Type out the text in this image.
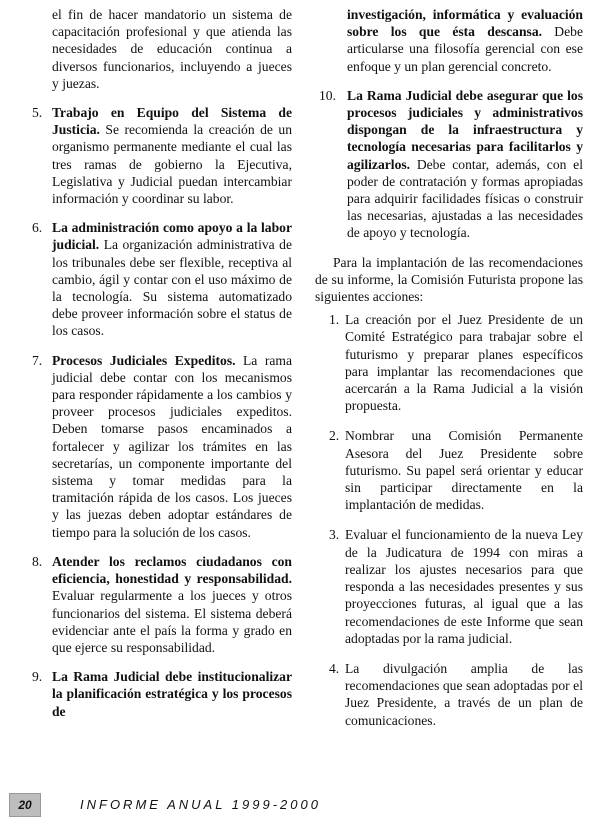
el fin de hacer mandatorio un sistema de capacitación profesional y que atienda las necesidades de educación continua a diversos funcionarios, incluyendo a jueces y juezas.

5. Trabajo en Equipo del Sistema de Justicia. Se recomienda la creación de un organismo permanente mediante el cual las tres ramas de gobierno la Ejecutiva, Legislativa y Judicial puedan intercambiar información y coordinar su labor.
6. La administración como apoyo a la labor judicial. La organización administrativa de los tribunales debe ser flexible, receptiva al cambio, ágil y contar con el uso máximo de la tecnología. Su sistema automatizado debe proveer información sobre el status de los casos.
7. Procesos Judiciales Expeditos. La rama judicial debe contar con los mecanismos para responder rápidamente a los cambios y proveer procesos judiciales expeditos. Deben tomarse pasos encaminados a fortalecer y agilizar los trámites en las secretarías, un componente importante del sistema y tomar medidas para la tramitación rápida de los casos. Los jueces y las juezas deben adoptar estándares de tiempo para la solución de los casos.
8. Atender los reclamos ciudadanos con eficiencia, honestidad y responsabilidad. Evaluar regularmente a los jueces y otros funcionarios del sistema. El sistema deberá evidenciar ante el país la forma y grado en que ejerce su responsabilidad.
9. La Rama Judicial debe institucionalizar la planificación estratégica y los procesos de

investigación, informática y evaluación sobre los que ésta descansa. Debe articularse una filosofía gerencial con ese enfoque y un plan gerencial concreto.

10. La Rama Judicial debe asegurar que los procesos judiciales y administrativos dispongan de la infraestructura y tecnología necesarias para facilitarlos y agilizarlos. Debe contar, además, con el poder de contratación y formas apropiadas para adquirir facilidades físicas o construir las necesarias, ajustadas a las necesidades de apoyo y tecnología.

Para la implantación de las recomendaciones de su informe, la Comisión Futurista propone las siguientes acciones:

1. La creación por el Juez Presidente de un Comité Estratégico para trabajar sobre el futurismo y preparar planes específicos para implantar las recomendaciones que acercarán a la Rama Judicial a la visión propuesta.
2. Nombrar una Comisión Permanente Asesora del Juez Presidente sobre futurismo. Su papel será orientar y educar sin participar directamente en la implantación de medidas.
3. Evaluar el funcionamiento de la nueva Ley de la Judicatura de 1994 con miras a realizar los ajustes necesarios para que responda a las necesidades presentes y sus proyecciones futuras, al igual que a las recomendaciones de este Informe que sean adoptadas por la rama judicial.
4. La divulgación amplia de las recomendaciones que sean adoptadas por el Juez Presidente, a través de un plan de comunicaciones.
20	INFORME ANUAL 1999-2000
